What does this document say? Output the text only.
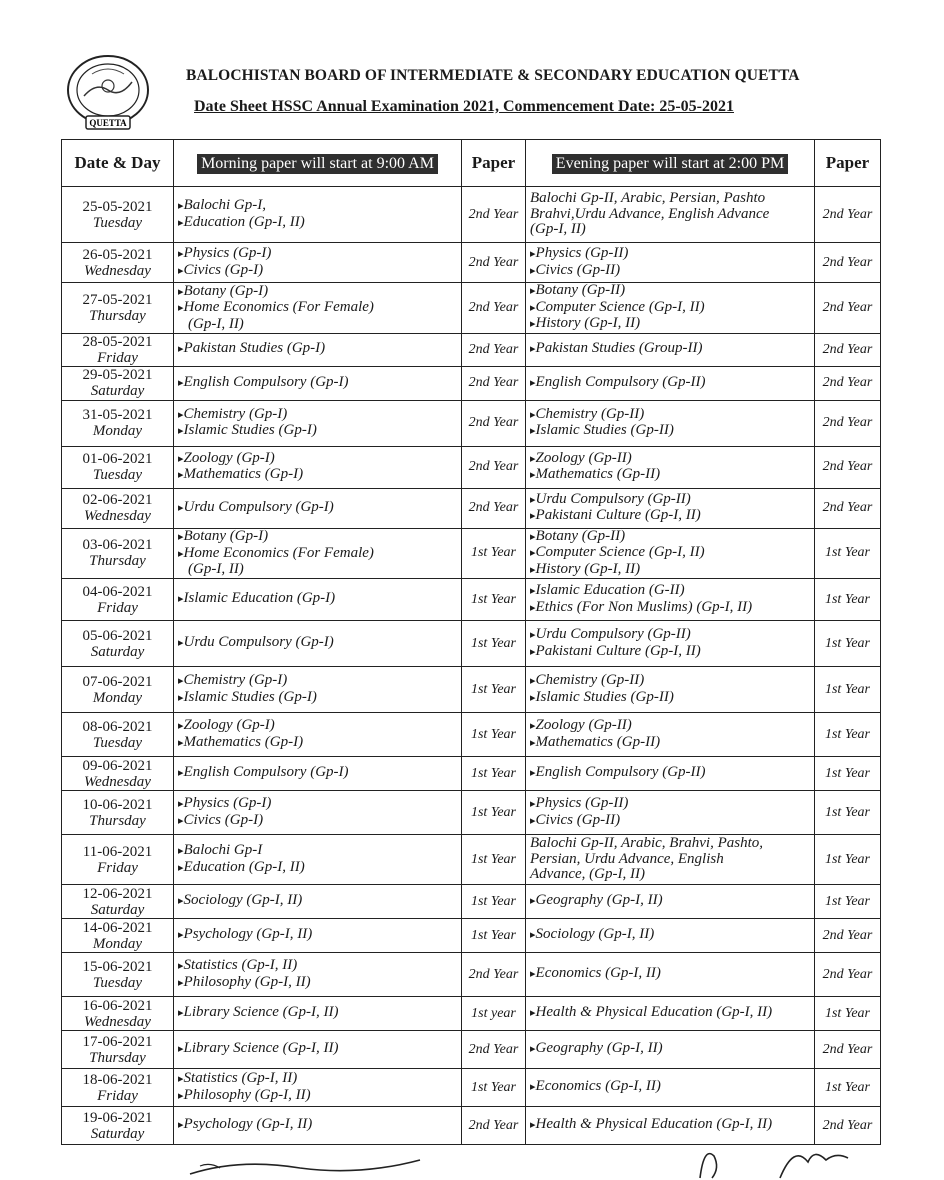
QUETTA
BALOCHISTAN BOARD OF INTERMEDIATE & SECONDARY EDUCATION QUETTA
Date Sheet HSSC Annual Examination 2021, Commencement Date: 25-05-2021
Date & Day	Morning paper will start at 9:00 AM	Paper	Evening paper will start at 2:00 PM	Paper

25-05-2021
Tuesday	▸ Balochi Gp-I,
▸ Education (Gp-I, II)	2nd Year	Balochi Gp-II, Arabic, Persian, Pashto
Brahvi,Urdu Advance, English Advance
(Gp-I, II)	2nd Year

26-05-2021
Wednesday	▸ Physics (Gp-I)
▸ Civics (Gp-I)	2nd Year	▸ Physics (Gp-II)
▸ Civics (Gp-II)	2nd Year

27-05-2021
Thursday	▸ Botany (Gp-I)
▸ Home Economics (For Female)
(Gp-I, II)	2nd Year	▸ Botany (Gp-II)
▸ Computer Science (Gp-I, II)
▸ History (Gp-I, II)	2nd Year

28-05-2021
Friday	▸ Pakistan Studies (Gp-I)	2nd Year	▸ Pakistan Studies (Group-II)	2nd Year

29-05-2021
Saturday	▸ English Compulsory (Gp-I)	2nd Year	▸ English Compulsory (Gp-II)	2nd Year

31-05-2021
Monday	▸ Chemistry (Gp-I)
▸ Islamic Studies (Gp-I)	2nd Year	▸ Chemistry (Gp-II)
▸ Islamic Studies (Gp-II)	2nd Year

01-06-2021
Tuesday	▸ Zoology (Gp-I)
▸ Mathematics (Gp-I)	2nd Year	▸ Zoology (Gp-II)
▸ Mathematics (Gp-II)	2nd Year

02-06-2021
Wednesday	▸ Urdu Compulsory (Gp-I)	2nd Year	▸ Urdu Compulsory (Gp-II)
▸ Pakistani Culture (Gp-I, II)	2nd Year

03-06-2021
Thursday	▸ Botany (Gp-I)
▸ Home Economics (For Female)
(Gp-I, II)	1st Year	▸ Botany (Gp-II)
▸ Computer Science (Gp-I, II)
▸ History (Gp-I, II)	1st Year

04-06-2021
Friday	▸ Islamic Education (Gp-I)	1st Year	▸ Islamic Education (G-II)
▸ Ethics (For Non Muslims) (Gp-I, II)	1st Year

05-06-2021
Saturday	▸ Urdu Compulsory (Gp-I)	1st Year	▸ Urdu Compulsory (Gp-II)
▸ Pakistani Culture (Gp-I, II)	1st Year

07-06-2021
Monday	▸ Chemistry (Gp-I)
▸ Islamic Studies (Gp-I)	1st Year	▸ Chemistry (Gp-II)
▸ Islamic Studies (Gp-II)	1st Year

08-06-2021
Tuesday	▸ Zoology (Gp-I)
▸ Mathematics (Gp-I)	1st Year	▸ Zoology (Gp-II)
▸ Mathematics (Gp-II)	1st Year

09-06-2021
Wednesday	▸ English Compulsory (Gp-I)	1st Year	▸ English Compulsory (Gp-II)	1st Year

10-06-2021
Thursday	▸ Physics (Gp-I)
▸ Civics (Gp-I)	1st Year	▸ Physics (Gp-II)
▸ Civics (Gp-II)	1st Year

11-06-2021
Friday	▸ Balochi Gp-I
▸ Education (Gp-I, II)	1st Year	Balochi Gp-II, Arabic, Brahvi, Pashto,
Persian, Urdu Advance, English
Advance, (Gp-I, II)	1st Year

12-06-2021
Saturday	▸ Sociology (Gp-I, II)	1st Year	▸ Geography (Gp-I, II)	1st Year

14-06-2021
Monday	▸ Psychology (Gp-I, II)	1st Year	▸ Sociology (Gp-I, II)	2nd Year

15-06-2021
Tuesday	▸ Statistics (Gp-I, II)
▸ Philosophy (Gp-I, II)	2nd Year	▸ Economics (Gp-I, II)	2nd Year

16-06-2021
Wednesday	▸ Library Science (Gp-I, II)	1st year	▸ Health & Physical Education (Gp-I, II)	1st Year

17-06-2021
Thursday	▸ Library Science (Gp-I, II)	2nd Year	▸ Geography (Gp-I, II)	2nd Year

18-06-2021
Friday	▸ Statistics (Gp-I, II)
▸ Philosophy (Gp-I, II)	1st Year	▸ Economics (Gp-I, II)	1st Year

19-06-2021
Saturday	▸ Psychology (Gp-I, II)	2nd Year	▸ Health & Physical Education (Gp-I, II)	2nd Year
